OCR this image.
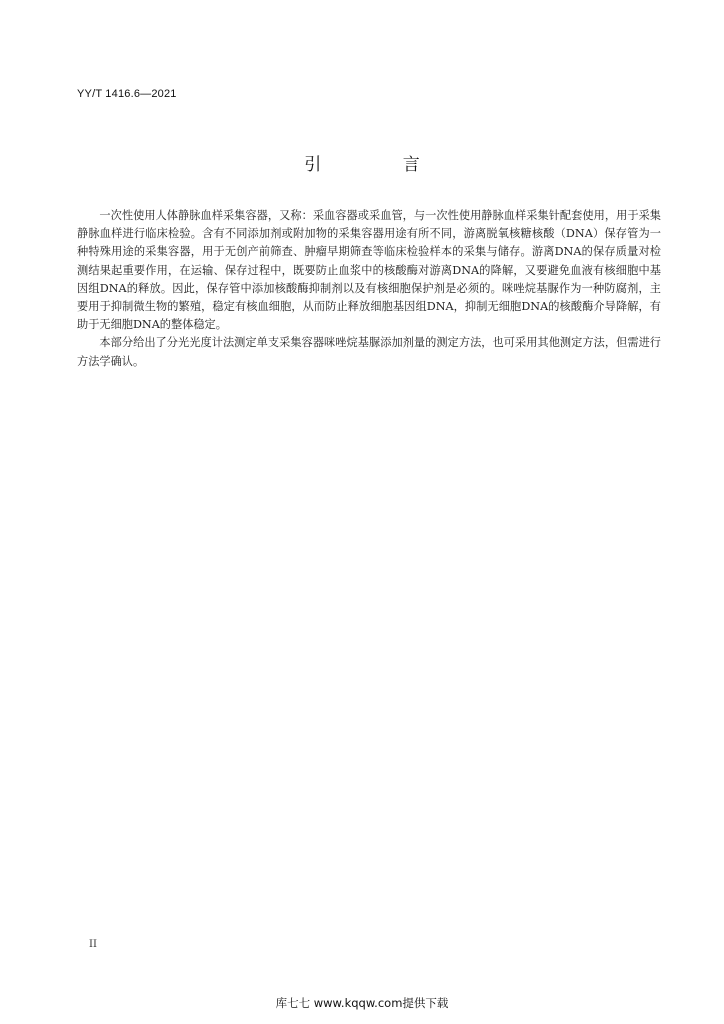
YY/T 1416.6—2021
引 言

一次性使用人体静脉血样采集容器，又称：采血容器或采血管，与一次性使用静脉血样采集针配套使用，用于采集静脉血样进行临床检验。含有不同添加剂或附加物的采集容器用途有所不同，游离脱氧核糖核酸（DNA）保存管为一种特殊用途的采集容器，用于无创产前筛查、肿瘤早期筛查等临床检验样本的采集与储存。游离DNA的保存质量对检测结果起重要作用，在运输、保存过程中，既要防止血浆中的核酸酶对游离DNA的降解，又要避免血液有核细胞中基因组DNA的释放。因此，保存管中添加核酸酶抑制剂以及有核细胞保护剂是必须的。咪唑烷基脲作为一种防腐剂，主要用于抑制微生物的繁殖，稳定有核血细胞，从而防止释放细胞基因组DNA，抑制无细胞DNA的核酸酶介导降解，有助于无细胞DNA的整体稳定。

本部分给出了分光光度计法测定单支采集容器咪唑烷基脲添加剂量的测定方法，也可采用其他测定方法，但需进行方法学确认。

II
库七七 www.kqqw.com提供下载
